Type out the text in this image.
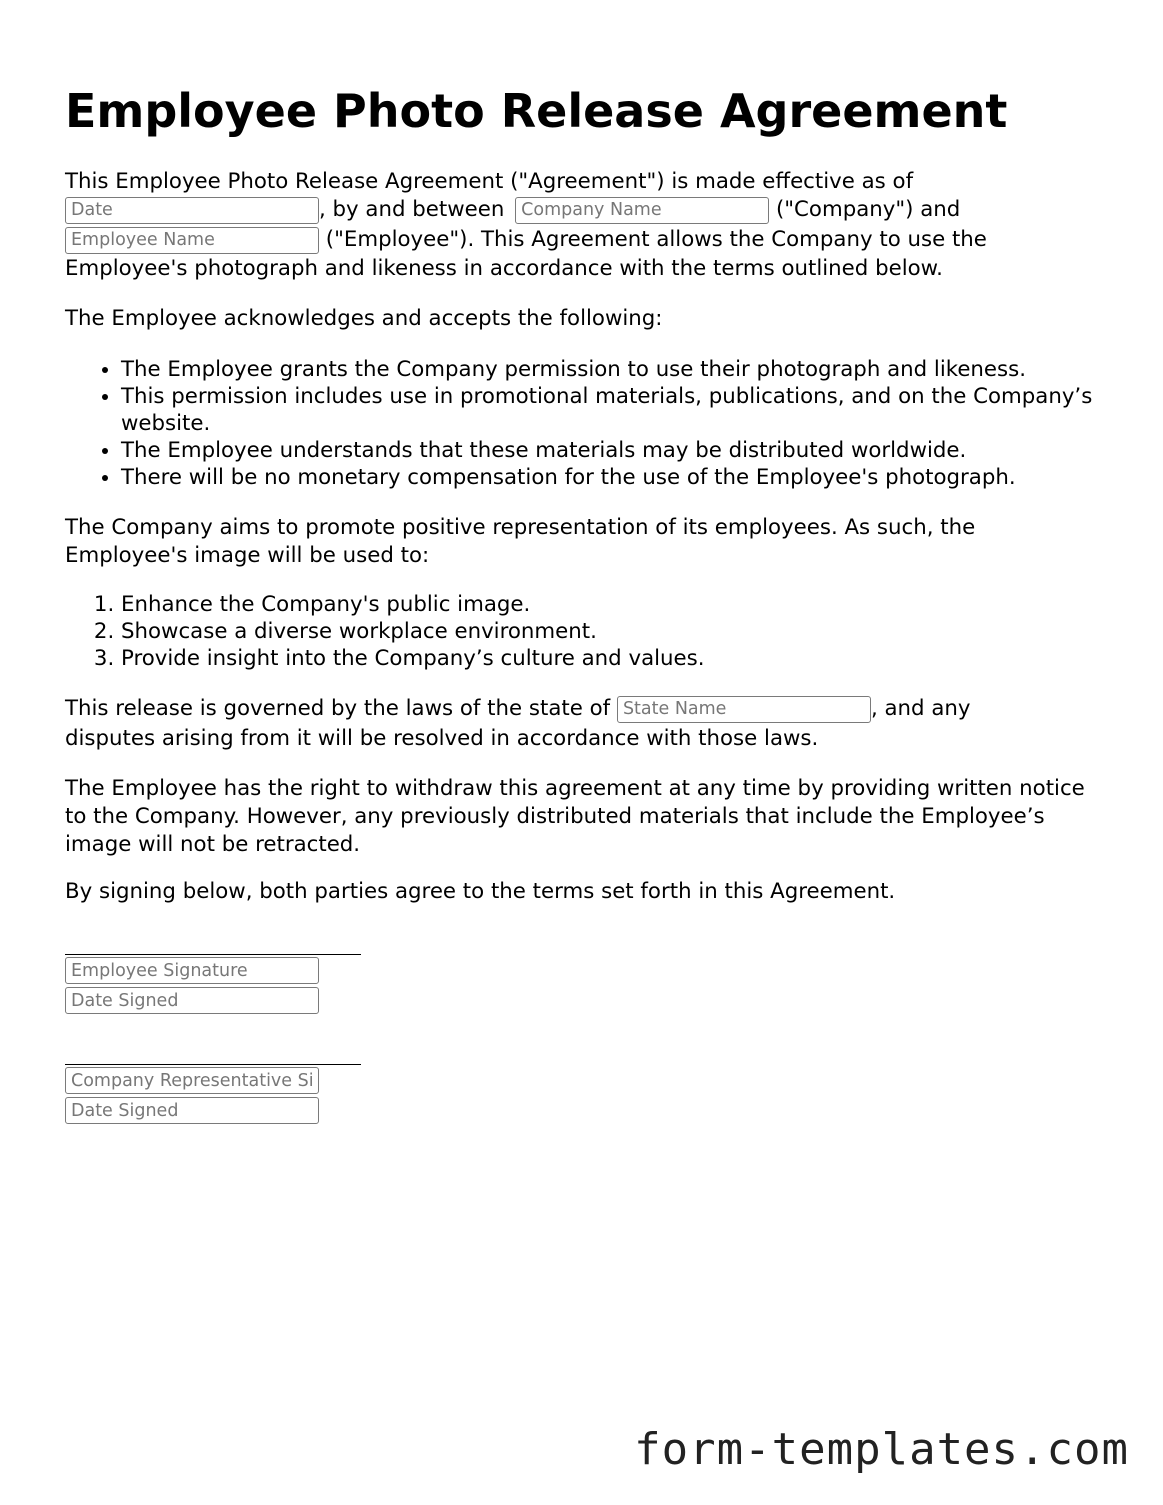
Employee Photo Release Agreement
This Employee Photo Release Agreement ("Agreement") is made effective as of
Date, by and between Company Name	("Company") and
Employee Name ("Employee"). This Agreement allows the Company to use the
Employee's photograph and likeness in accordance with the terms outlined below.

The Employee acknowledges and accepts the following:

• The Employee grants the Company permission to use their photograph and likeness.
• This permission includes use in promotional materials, publications, and on the Company’s website.
• The Employee understands that these materials may be distributed worldwide.
• There will be no monetary compensation for the use of the Employee's photograph.

The Company aims to promote positive representation of its employees. As such, the Employee's image will be used to:

1. Enhance the Company's public image.
2. Showcase a diverse workplace environment.
3. Provide insight into the Company’s culture and values.
This release is governed by the laws of the state of State Name	, and any
disputes arising from it will be resolved in accordance with those laws.

The Employee has the right to withdraw this agreement at any time by providing written notice to the Company. However, any previously distributed materials that include the Employee’s image will not be retracted.

By signing below, both parties agree to the terms set forth in this Agreement.

Employee Signature
Date Signed
Company Representative Signature
Date Signed
form-templates.com
